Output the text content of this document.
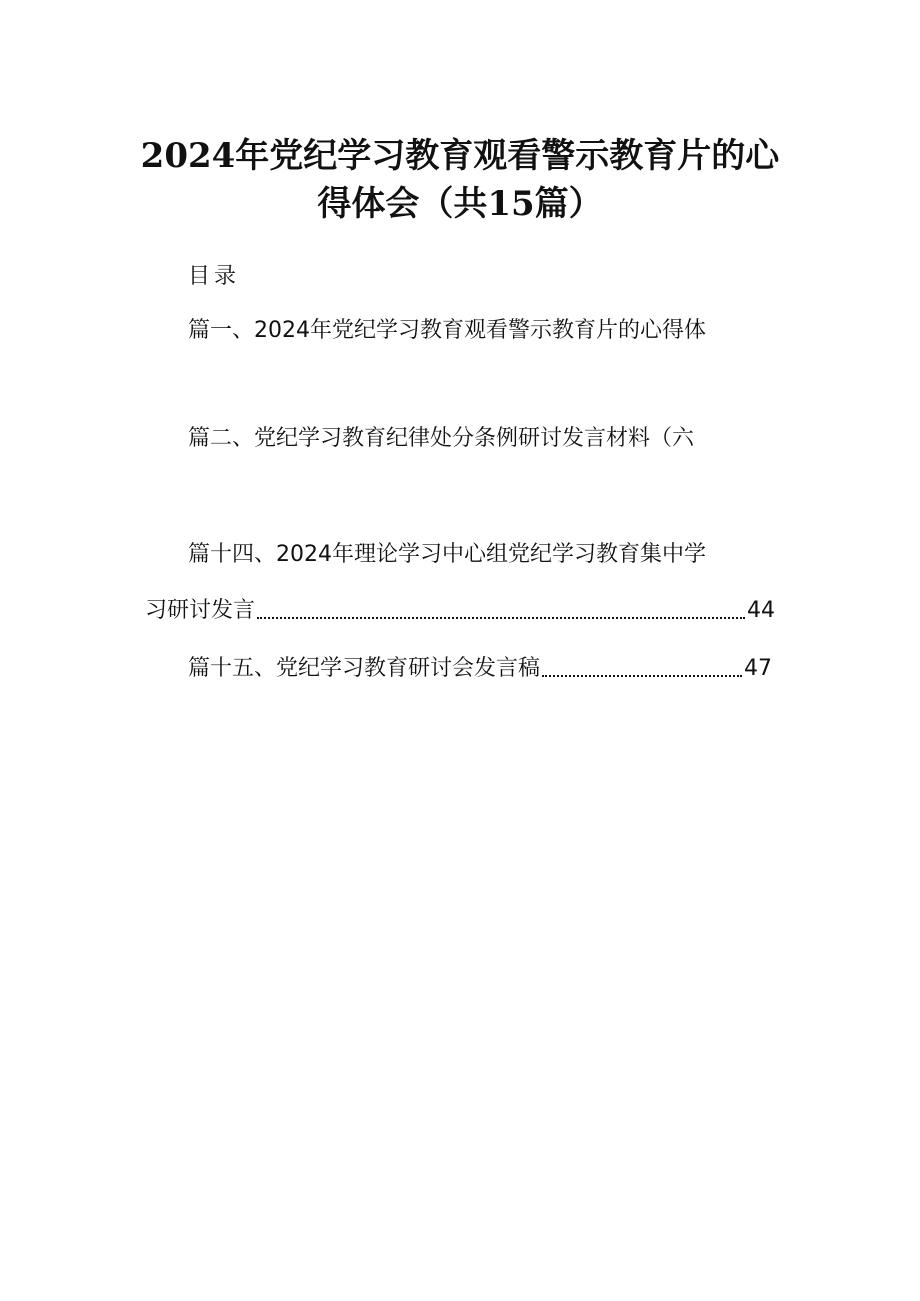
2024年党纪学习教育观看警示教育片的心
得体会（共15篇）
目录
篇一、2024年党纪学习教育观看警示教育片的心得体
篇二、党纪学习教育纪律处分条例研讨发言材料（六
篇十四、2024年理论学习中心组党纪学习教育集中学
习研讨发言	44
篇十五、党纪学习教育研讨会发言稿	47
